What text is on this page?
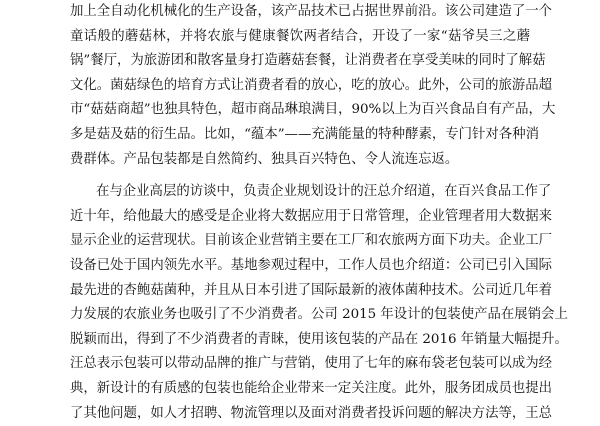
加上全自动化机械化的生产设备，该产品技术已占据世界前沿。该公司建造了一个
童话般的蘑菇林，并将农旅与健康餐饮两者结合，开设了一家“菇爷吴三之蘑
锅”餐厅，为旅游团和散客量身打造蘑菇套餐，让消费者在享受美味的同时了解菇
文化。菌菇绿色的培育方式让消费者看的放心，吃的放心。此外，公司的旅游品超
市“菇菇商超”也独具特色，超市商品琳琅满目，90%以上为百兴食品自有产品，大
多是菇及菇的衍生品。比如，“蕴本”——充满能量的特种酵素，专门针对各种消
费群体。产品包装都是自然简约、独具百兴特色、令人流连忘返。
在与企业高层的访谈中，负责企业规划设计的汪总介绍道，在百兴食品工作了
近十年，给他最大的感受是企业将大数据应用于日常管理，企业管理者用大数据来
显示企业的运营现状。目前该企业营销主要在工厂和农旅两方面下功夫。企业工厂
设备已处于国内领先水平。基地参观过程中，工作人员也介绍道：公司已引入国际
最先进的杏鲍菇菌种，并且从日本引进了国际最新的液体菌种技术。公司近几年着
力发展的农旅业务也吸引了不少消费者。公司 2015 年设计的包装使产品在展销会上
脱颖而出，得到了不少消费者的青睐，使用该包装的产品在 2016 年销量大幅提升。
汪总表示包装可以带动品牌的推广与营销，使用了七年的麻布袋老包装可以成为经
典，新设计的有质感的包装也能给企业带来一定关注度。此外，服务团成员也提出
了其他问题，如人才招聘、物流管理以及面对消费者投诉问题的解决方法等，王总
